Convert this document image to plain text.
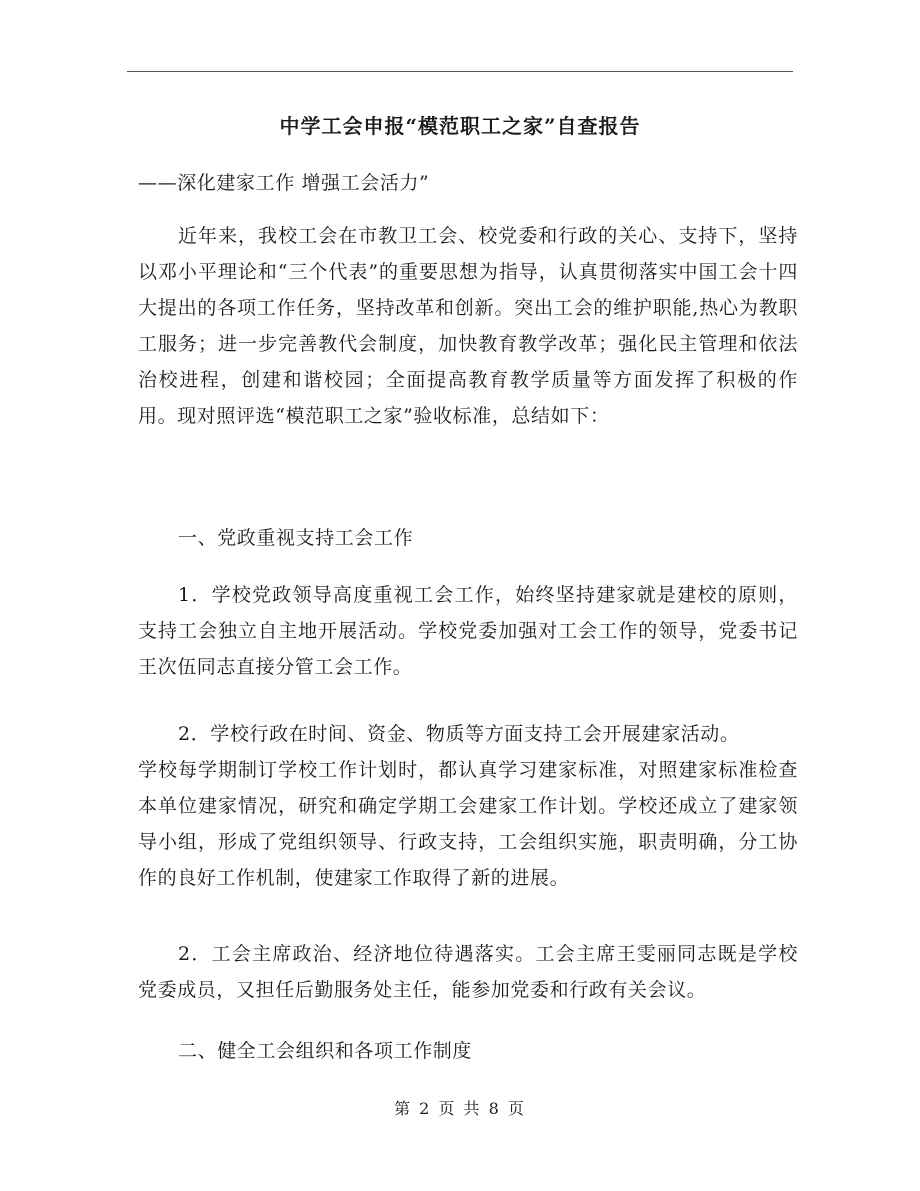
中学工会申报“模范职工之家”自查报告
——深化建家工作 增强工会活力”
近年来，我校工会在市教卫工会、校党委和行政的关心、支持下，坚持以邓小平理论和“三个代表”的重要思想为指导，认真贯彻落实中国工会十四大提出的各项工作任务，坚持改革和创新。突出工会的维护职能,热心为教职工服务；进一步完善教代会制度，加快教育教学改革；强化民主管理和依法治校进程，创建和谐校园；全面提高教育教学质量等方面发挥了积极的作用。现对照评选“模范职工之家”验收标准，总结如下：
一、党政重视支持工会工作
1．学校党政领导高度重视工会工作，始终坚持建家就是建校的原则，支持工会独立自主地开展活动。学校党委加强对工会工作的领导，党委书记王次伍同志直接分管工会工作。
2．学校行政在时间、资金、物质等方面支持工会开展建家活动。
学校每学期制订学校工作计划时，都认真学习建家标准，对照建家标准检查本单位建家情况，研究和确定学期工会建家工作计划。学校还成立了建家领导小组，形成了党组织领导、行政支持，工会组织实施，职责明确，分工协作的良好工作机制，使建家工作取得了新的进展。
2．工会主席政治、经济地位待遇落实。工会主席王雯丽同志既是学校党委成员，又担任后勤服务处主任，能参加党委和行政有关会议。
二、健全工会组织和各项工作制度
第 2 页 共 8 页
